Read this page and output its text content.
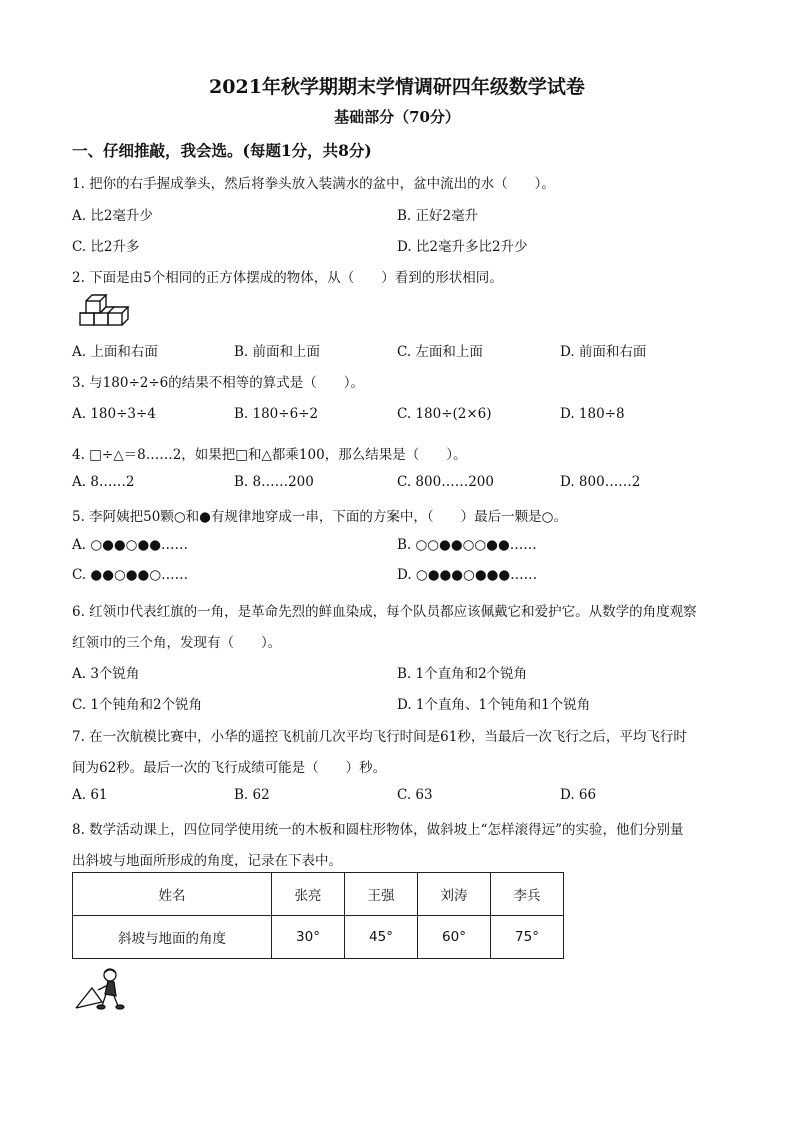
2021年秋学期期末学情调研四年级数学试卷
基础部分（70分）
一、仔细推敲，我会选。(每题1分，共8分)
1. 把你的右手握成拳头，然后将拳头放入装满水的盆中，盆中流出的水（　　）。
A. 比2毫升少	B. 正好2毫升
C. 比2升多	D. 比2毫升多比2升少
2. 下面是由5个相同的正方体摆成的物体，从（　　）看到的形状相同。
A. 上面和右面	B. 前面和上面	C. 左面和上面	D. 前面和右面
3. 与180÷2÷6的结果不相等的算式是（　　）。
A. 180÷3÷4	B. 180÷6÷2	C. 180÷(2×6)	D. 180÷8
4. □÷△＝8……2，如果把□和△都乘100，那么结果是（　　）。
A. 8……2	B. 8……200	C. 800……200	D. 800……2
5. 李阿姨把50颗○和●有规律地穿成一串，下面的方案中，（　　）最后一颗是○。
A. ○●●○●●……	B. ○○●●○○●●……
C. ●●○●●○……	D. ○●●●○●●●……
6. 红领巾代表红旗的一角，是革命先烈的鲜血染成，每个队员都应该佩戴它和爱护它。从数学的角度观察
红领巾的三个角，发现有（　　）。
A. 3个锐角	B. 1个直角和2个锐角
C. 1个钝角和2个锐角	D. 1个直角、1个钝角和1个锐角
7. 在一次航模比赛中，小华的遥控飞机前几次平均飞行时间是61秒，当最后一次飞行之后，平均飞行时
间为62秒。最后一次的飞行成绩可能是（　　）秒。
A. 61	B. 62	C. 63	D. 66
8. 数学活动课上，四位同学使用统一的木板和圆柱形物体，做斜坡上“怎样滚得远”的实验，他们分别量
出斜坡与地面所形成的角度，记录在下表中。
姓名	张亮	王强	刘涛	李兵
斜坡与地面的角度	30°	45°	60°	75°
